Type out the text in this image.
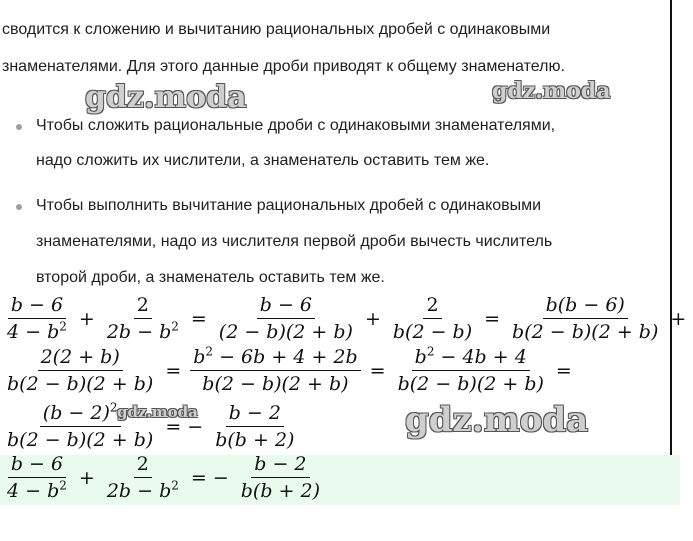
сводится к сложению и вычитанию рациональных дробей с одинаковыми
знаменателями. Для этого данные дроби приводят к общему знаменателю.
gdz.moda	gdz.moda
Чтобы сложить рациональные дроби с одинаковыми знаменателями,
надо сложить их числители, а знаменатель оставить тем же.
Чтобы выполнить вычитание рациональных дробей с одинаковыми
знаменателями, надо из числителя первой дроби вычесть числитель
второй дроби, а знаменатель оставить тем же.
$\frac{b - 6}{4 - b^2} + \frac{2}{2b - b^2} = \frac{b - 6}{(2 - b)(2 + b)} + \frac{2}{b(2 - b)} = \frac{b(b - 6)}{b(2 - b)(2 + b)}$ +
$\frac{2(2 + b)}{b(2 - b)(2 + b)} = \frac{b^2 - 6b + 4 + 2b}{b(2 - b)(2 + b)} = \frac{b^2 - 4b + 4}{b(2 - b)(2 + b)}$ =
$\frac{(b - 2)^2}{b(2 - b)(2 + b)}$ = − $\frac{b - 2}{b(b + 2)}$
gdz.moda	gdz.moda
$\frac{b - 6}{4 - b^2} + \frac{2}{2b - b^2}$ = − $\frac{b - 2}{b(b + 2)}$
